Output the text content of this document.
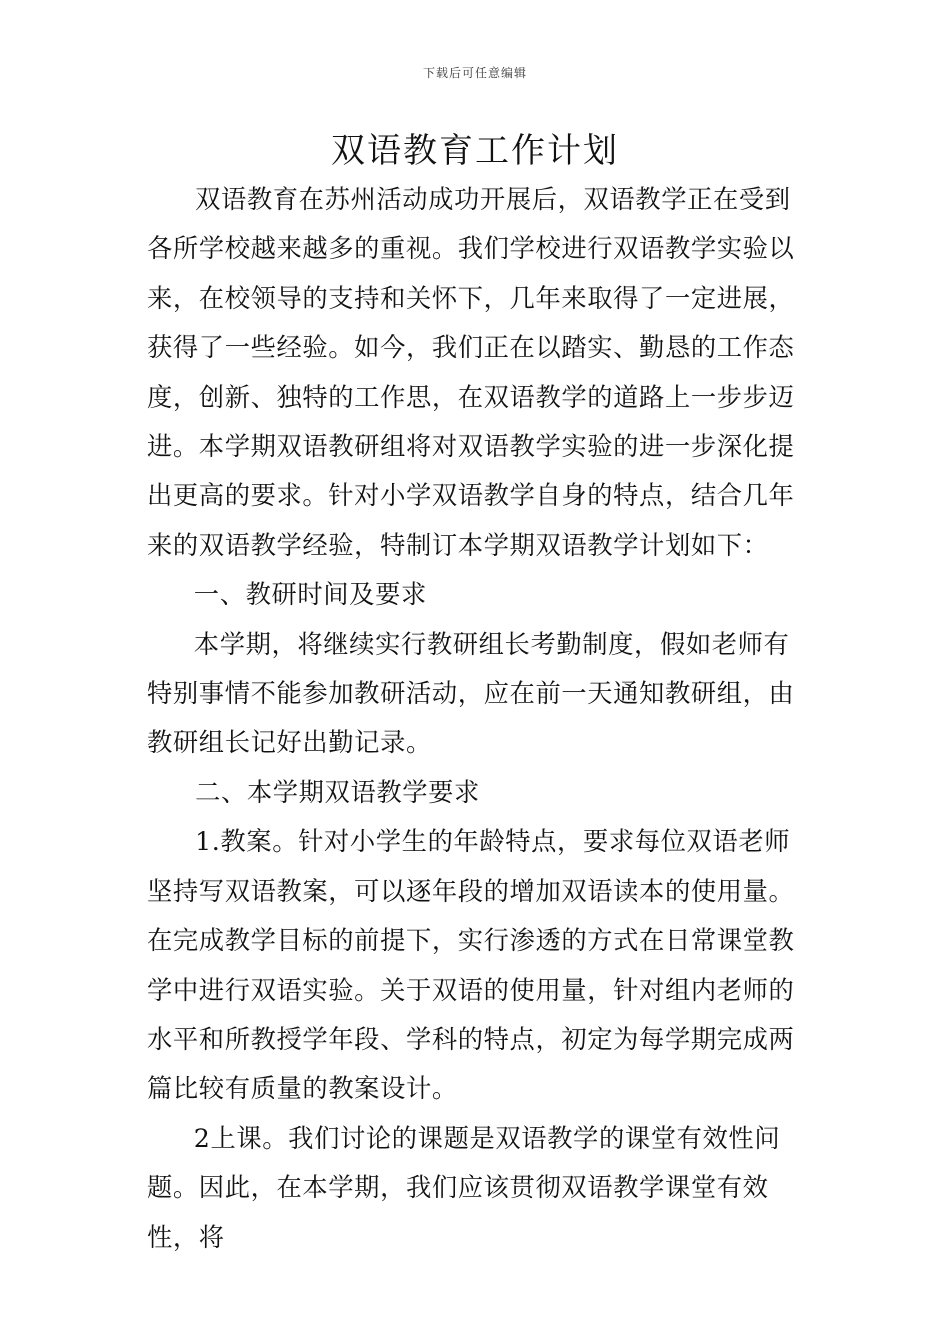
下载后可任意编辑
双语教育工作计划

双语教育在苏州活动成功开展后，双语教学正在受到各所学校越来越多的重视。我们学校进行双语教学实验以来，在校领导的支持和关怀下，几年来取得了一定进展，获得了一些经验。如今，我们正在以踏实、勤恳的工作态度，创新、独特的工作思，在双语教学的道路上一步步迈进。本学期双语教研组将对双语教学实验的进一步深化提出更高的要求。针对小学双语教学自身的特点，结合几年来的双语教学经验，特制订本学期双语教学计划如下：

一、教研时间及要求

本学期，将继续实行教研组长考勤制度，假如老师有特别事情不能参加教研活动，应在前一天通知教研组，由教研组长记好出勤记录。

二、本学期双语教学要求

1.教案。针对小学生的年龄特点，要求每位双语老师坚持写双语教案，可以逐年段的增加双语读本的使用量。在完成教学目标的前提下，实行渗透的方式在日常课堂教学中进行双语实验。关于双语的使用量，针对组内老师的水平和所教授学年段、学科的特点，初定为每学期完成两篇比较有质量的教案设计。

2上课。我们讨论的课题是双语教学的课堂有效性问题。因此，在本学期，我们应该贯彻双语教学课堂有效性，将
